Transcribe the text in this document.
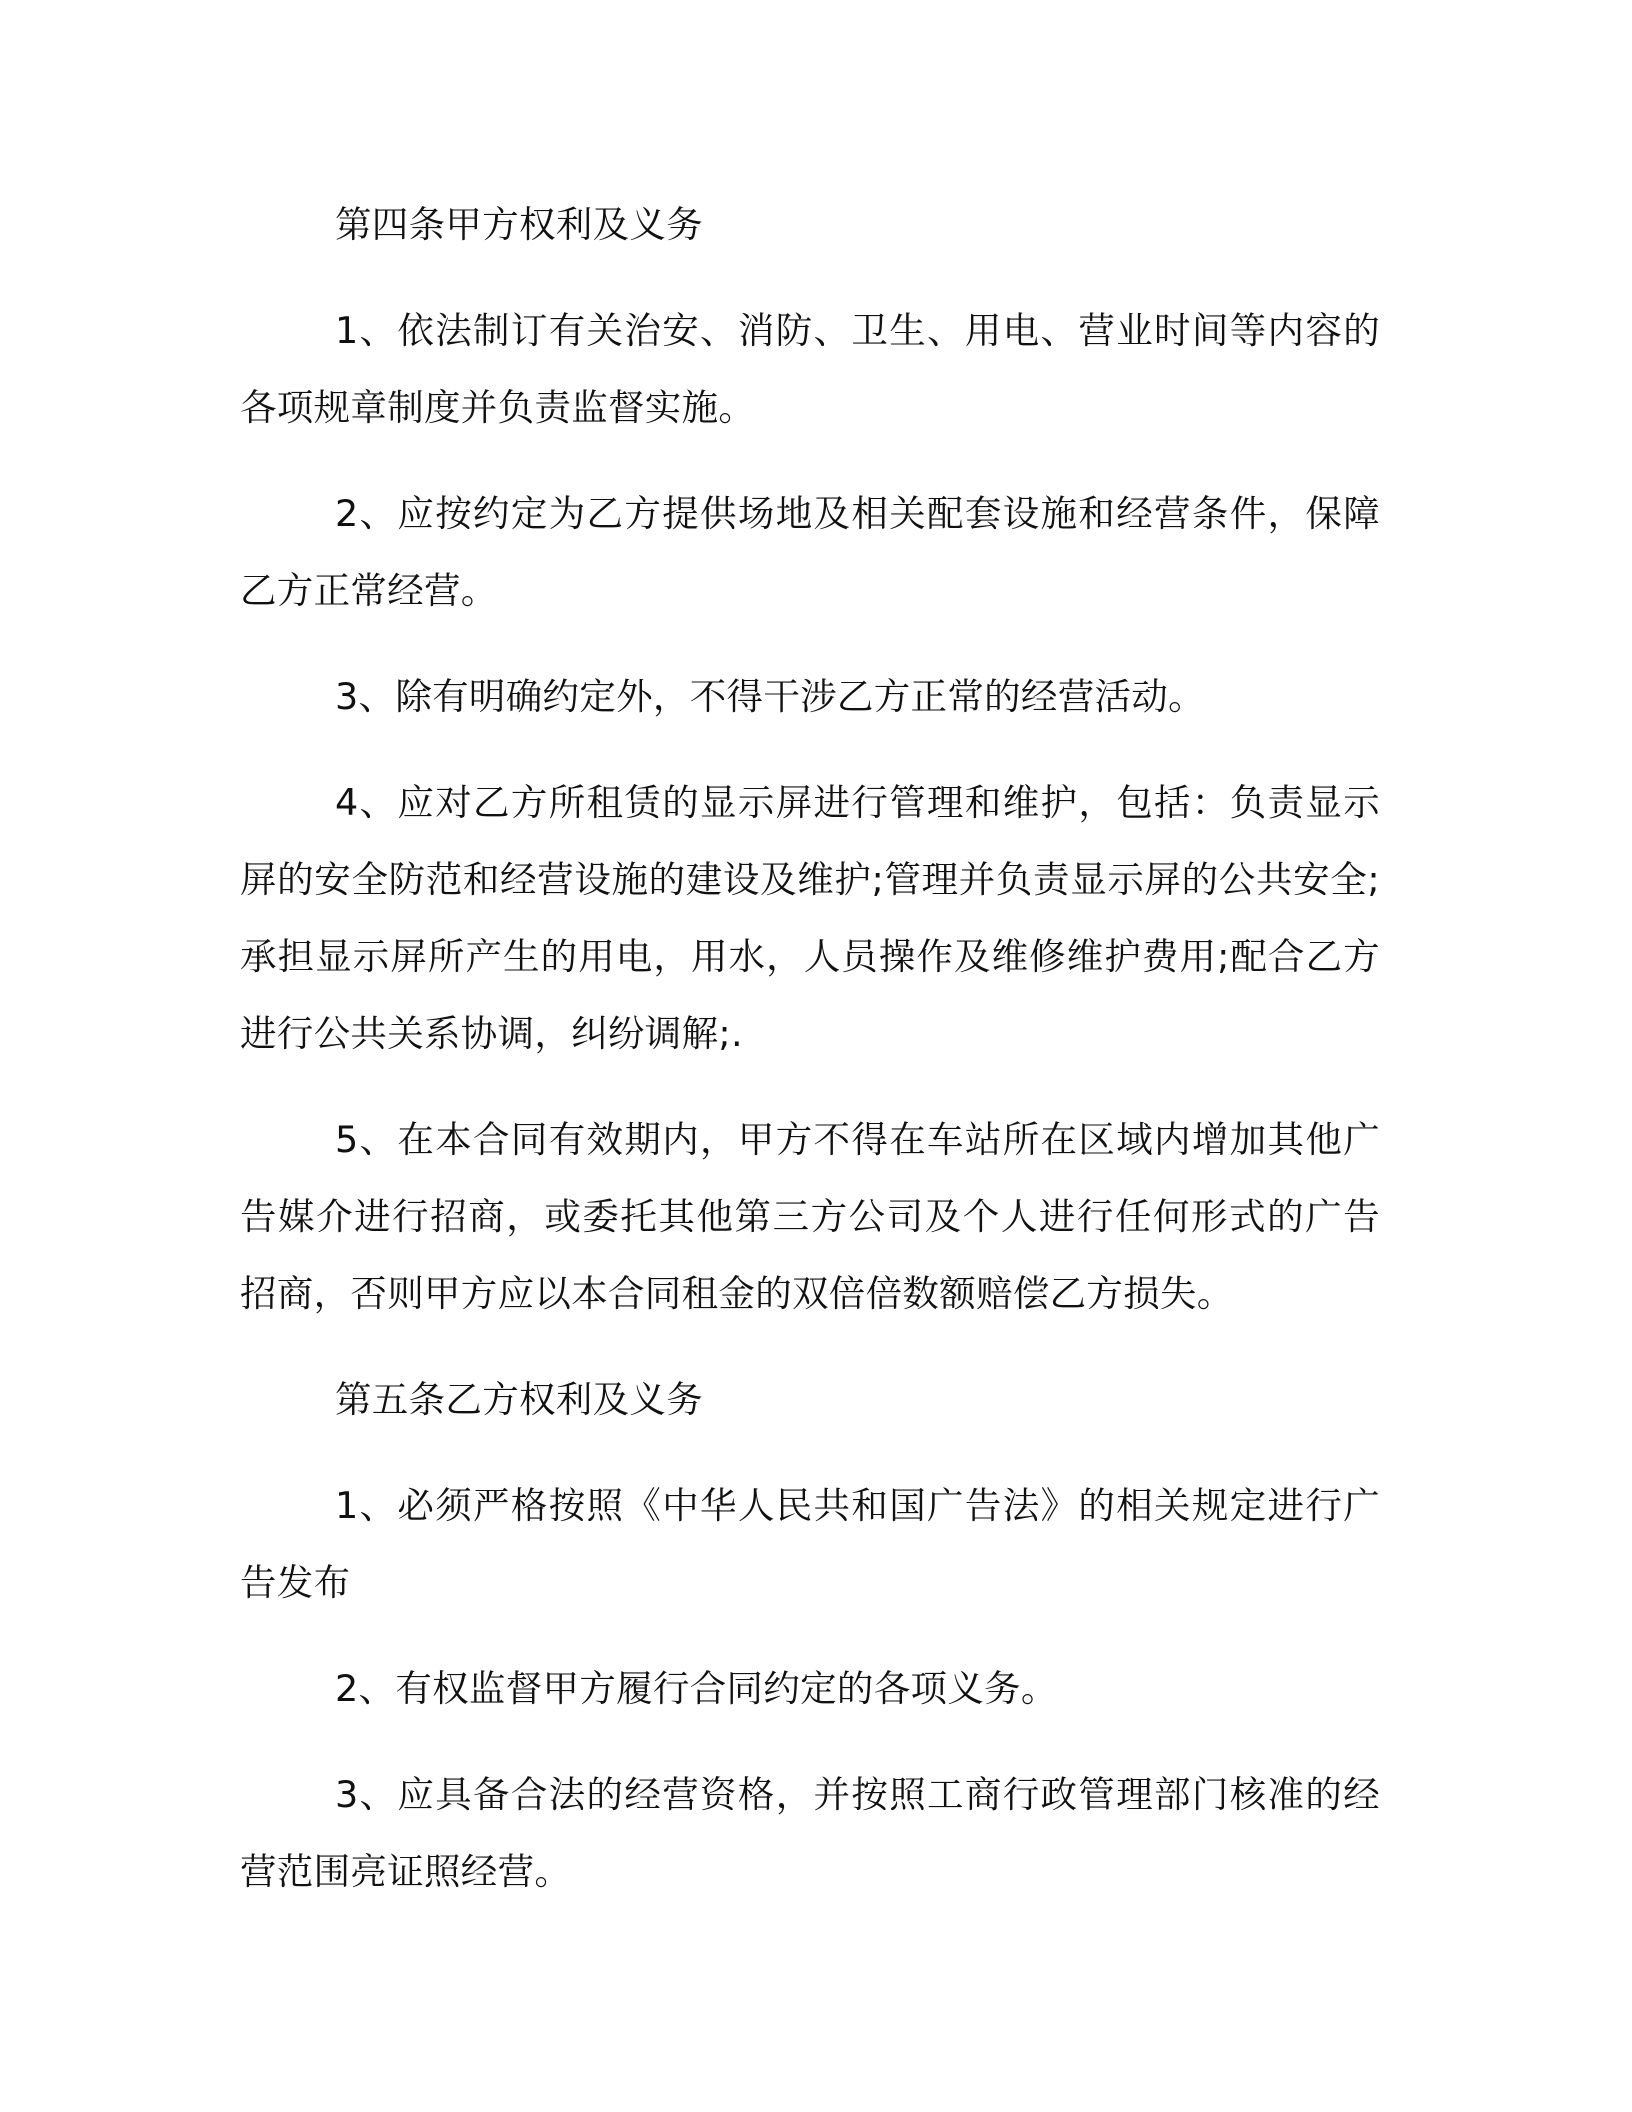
第四条甲方权利及义务

1、依法制订有关治安、消防、卫生、用电、营业时间等内容的各项规章制度并负责监督实施。

2、应按约定为乙方提供场地及相关配套设施和经营条件，保障乙方正常经营。

3、除有明确约定外，不得干涉乙方正常的经营活动。

4、应对乙方所租赁的显示屏进行管理和维护，包括：负责显示屏的安全防范和经营设施的建设及维护;管理并负责显示屏的公共安全;承担显示屏所产生的用电，用水，人员操作及维修维护费用;配合乙方进行公共关系协调，纠纷调解;.

5、在本合同有效期内，甲方不得在车站所在区域内增加其他广告媒介进行招商，或委托其他第三方公司及个人进行任何形式的广告招商，否则甲方应以本合同租金的双倍倍数额赔偿乙方损失。

第五条乙方权利及义务

1、必须严格按照《中华人民共和国广告法》的相关规定进行广告发布

2、有权监督甲方履行合同约定的各项义务。

3、应具备合法的经营资格，并按照工商行政管理部门核准的经营范围亮证照经营。
